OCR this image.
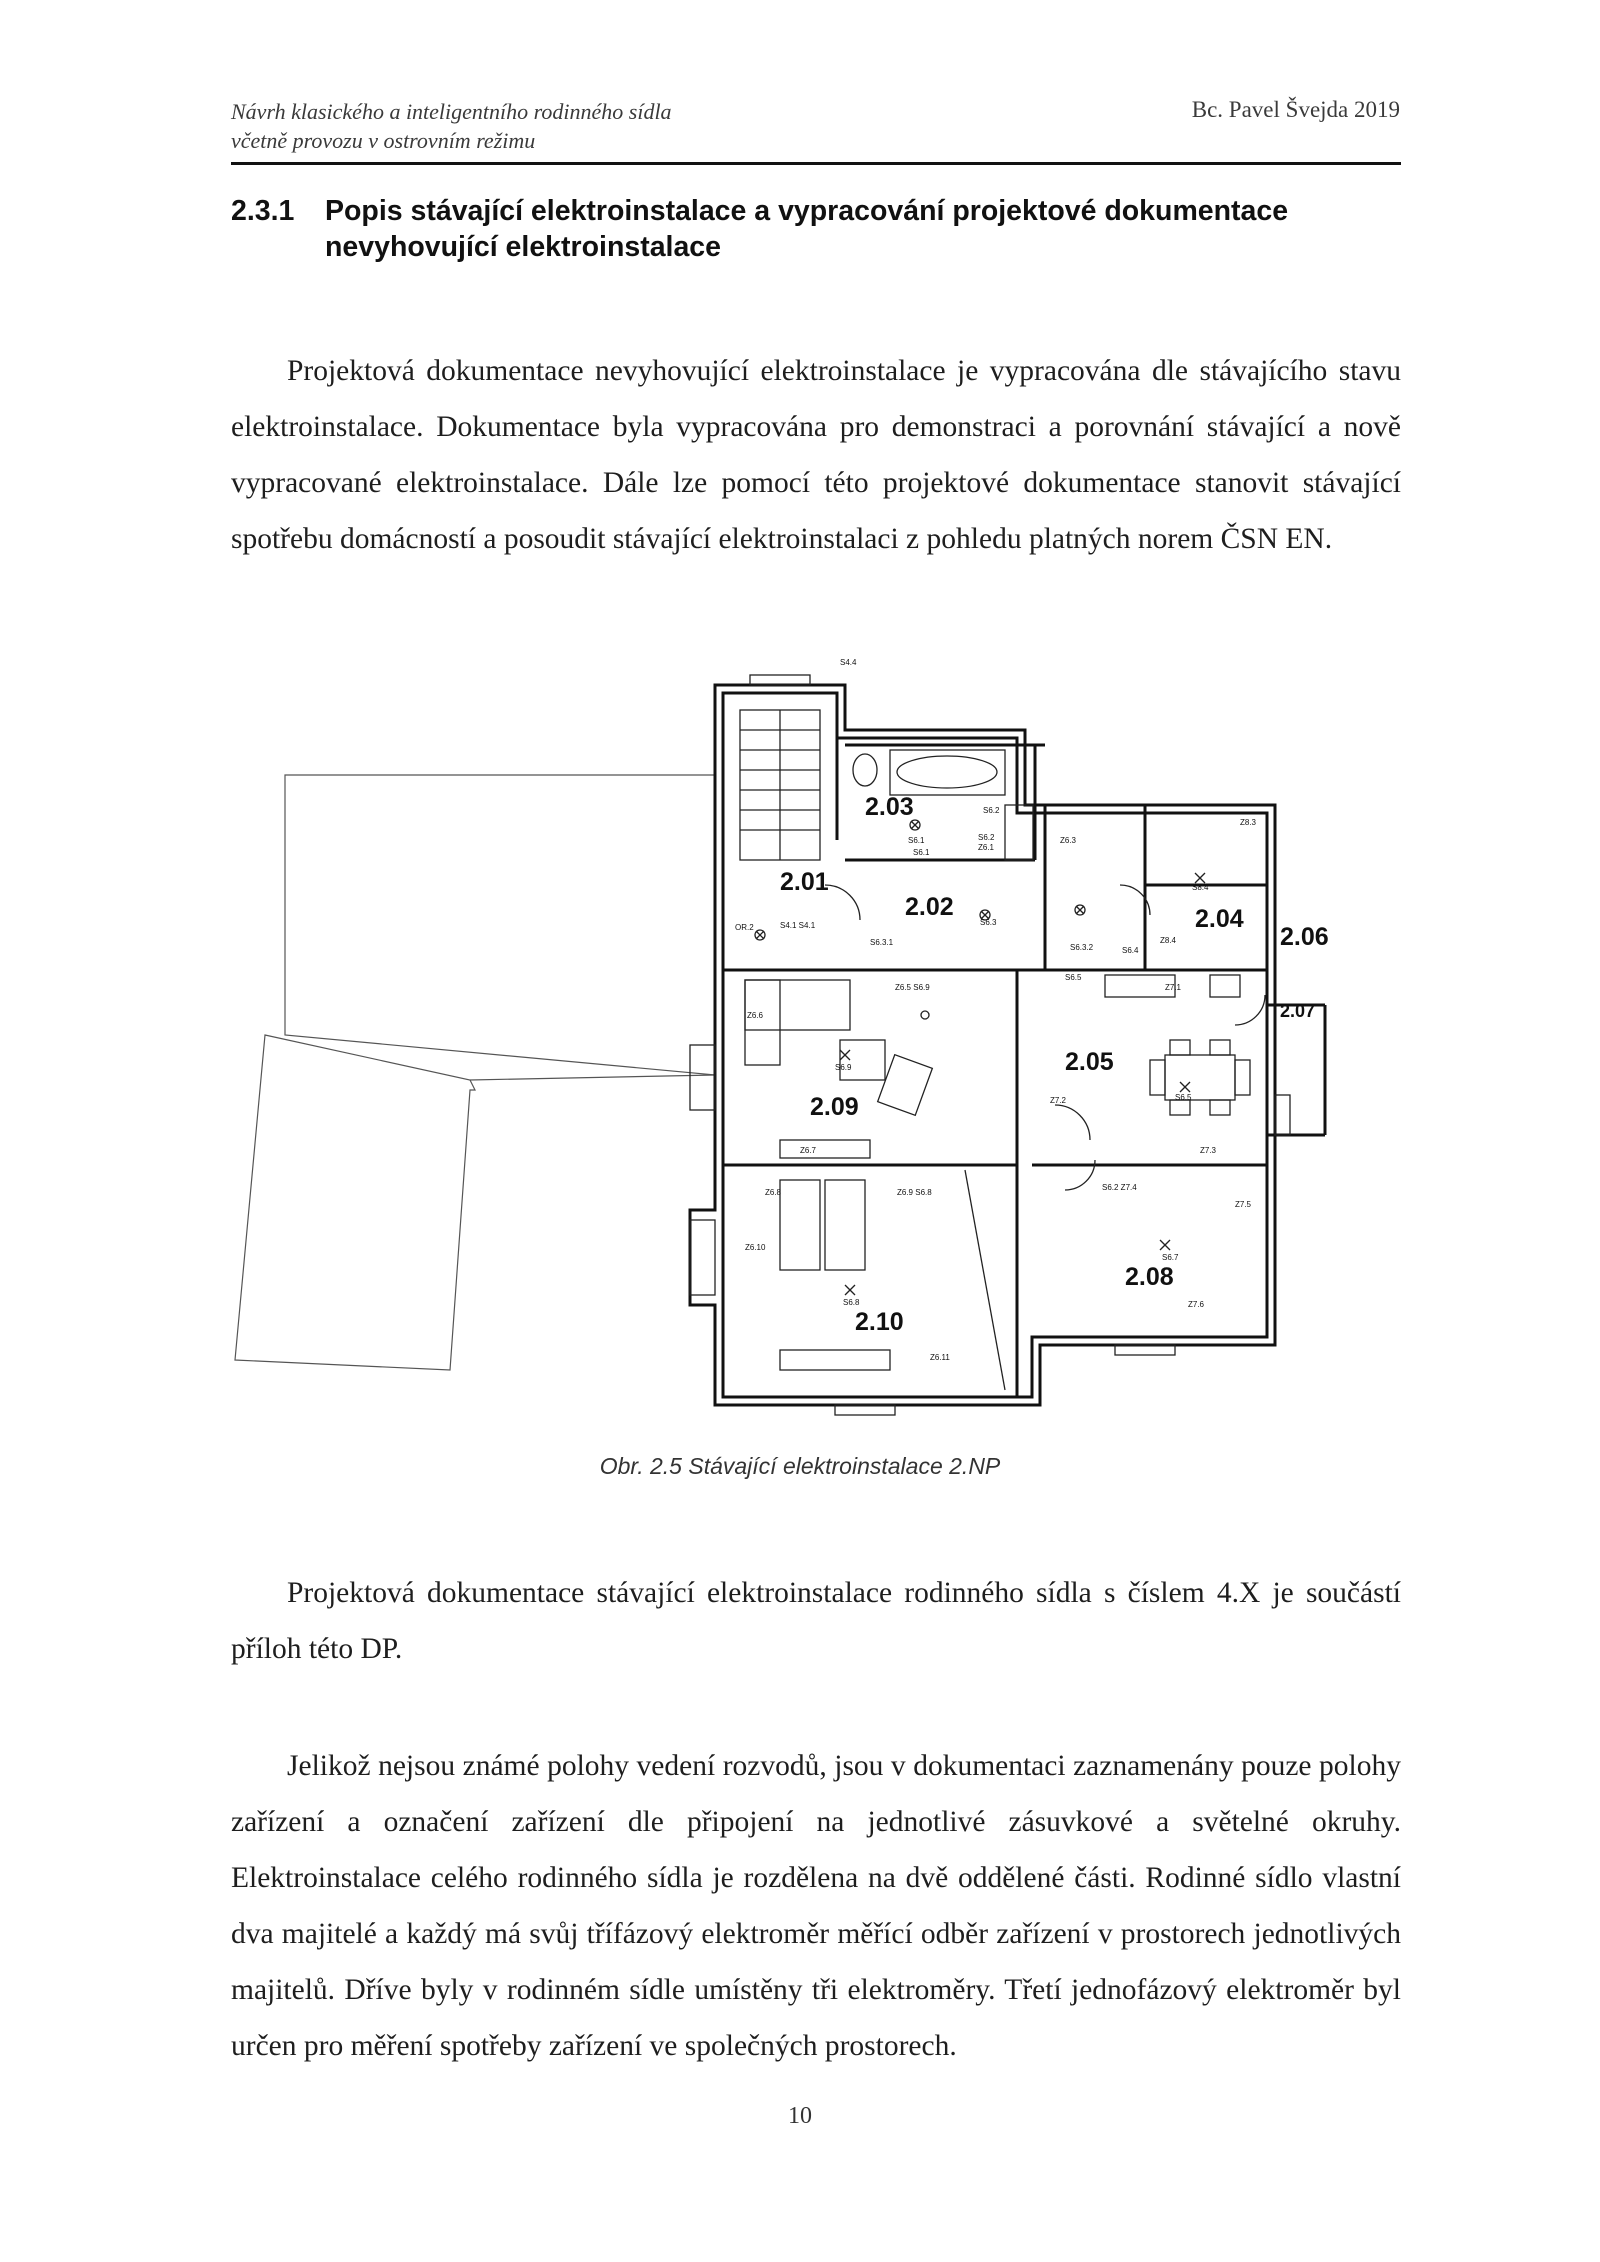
Návrh klasického a inteligentního rodinného sídla
včetně provozu v ostrovním režimu
Bc. Pavel Švejda 2019
2.3.1 Popis stávající elektroinstalace a vypracování projektové dokumentace nevyhovující elektroinstalace

Projektová dokumentace nevyhovující elektroinstalace je vypracována dle stávajícího stavu elektroinstalace. Dokumentace byla vypracována pro demonstraci a porovnání stávající a nově vypracované elektroinstalace. Dále lze pomocí této projektové dokumentace stanovit stávající spotřebu domácností a posoudit stávající elektroinstalaci z pohledu platných norem ČSN EN.

2.01
2.02
2.03
2.04
2.05
2.06
2.07
2.08
2.09
2.10
S4.4
S6.2
S6.1
S6.1
S6.2
Z6.1
Z6.3
Z8.3
S8.4
OR.2	S4.1 S4.1
S6.3.1
S6.3
S6.3.2	S6.4
Z8.4
S6.5
Z7.1
Z6.5 S6.9
Z6.6
S6.9
Z7.2	S6.5
Z7.3
Z6.7
Z6.8	Z6.9 S6.8
S6.2 Z7.4
Z7.5
Z6.10
S6.8
S6.7
Z7.6
Z6.11
Obr. 2.5 Stávající elektroinstalace 2.NP

Projektová dokumentace stávající elektroinstalace rodinného sídla s číslem 4.X je součástí příloh této DP.

Jelikož nejsou známé polohy vedení rozvodů, jsou v dokumentaci zaznamenány pouze polohy zařízení a označení zařízení dle připojení na jednotlivé zásuvkové a světelné okruhy. Elektroinstalace celého rodinného sídla je rozdělena na dvě oddělené části. Rodinné sídlo vlastní dva majitelé a každý má svůj třífázový elektroměr měřící odběr zařízení v prostorech jednotlivých majitelů. Dříve byly v rodinném sídle umístěny tři elektroměry. Třetí jednofázový elektroměr byl určen pro měření spotřeby zařízení ve společných prostorech.

10
